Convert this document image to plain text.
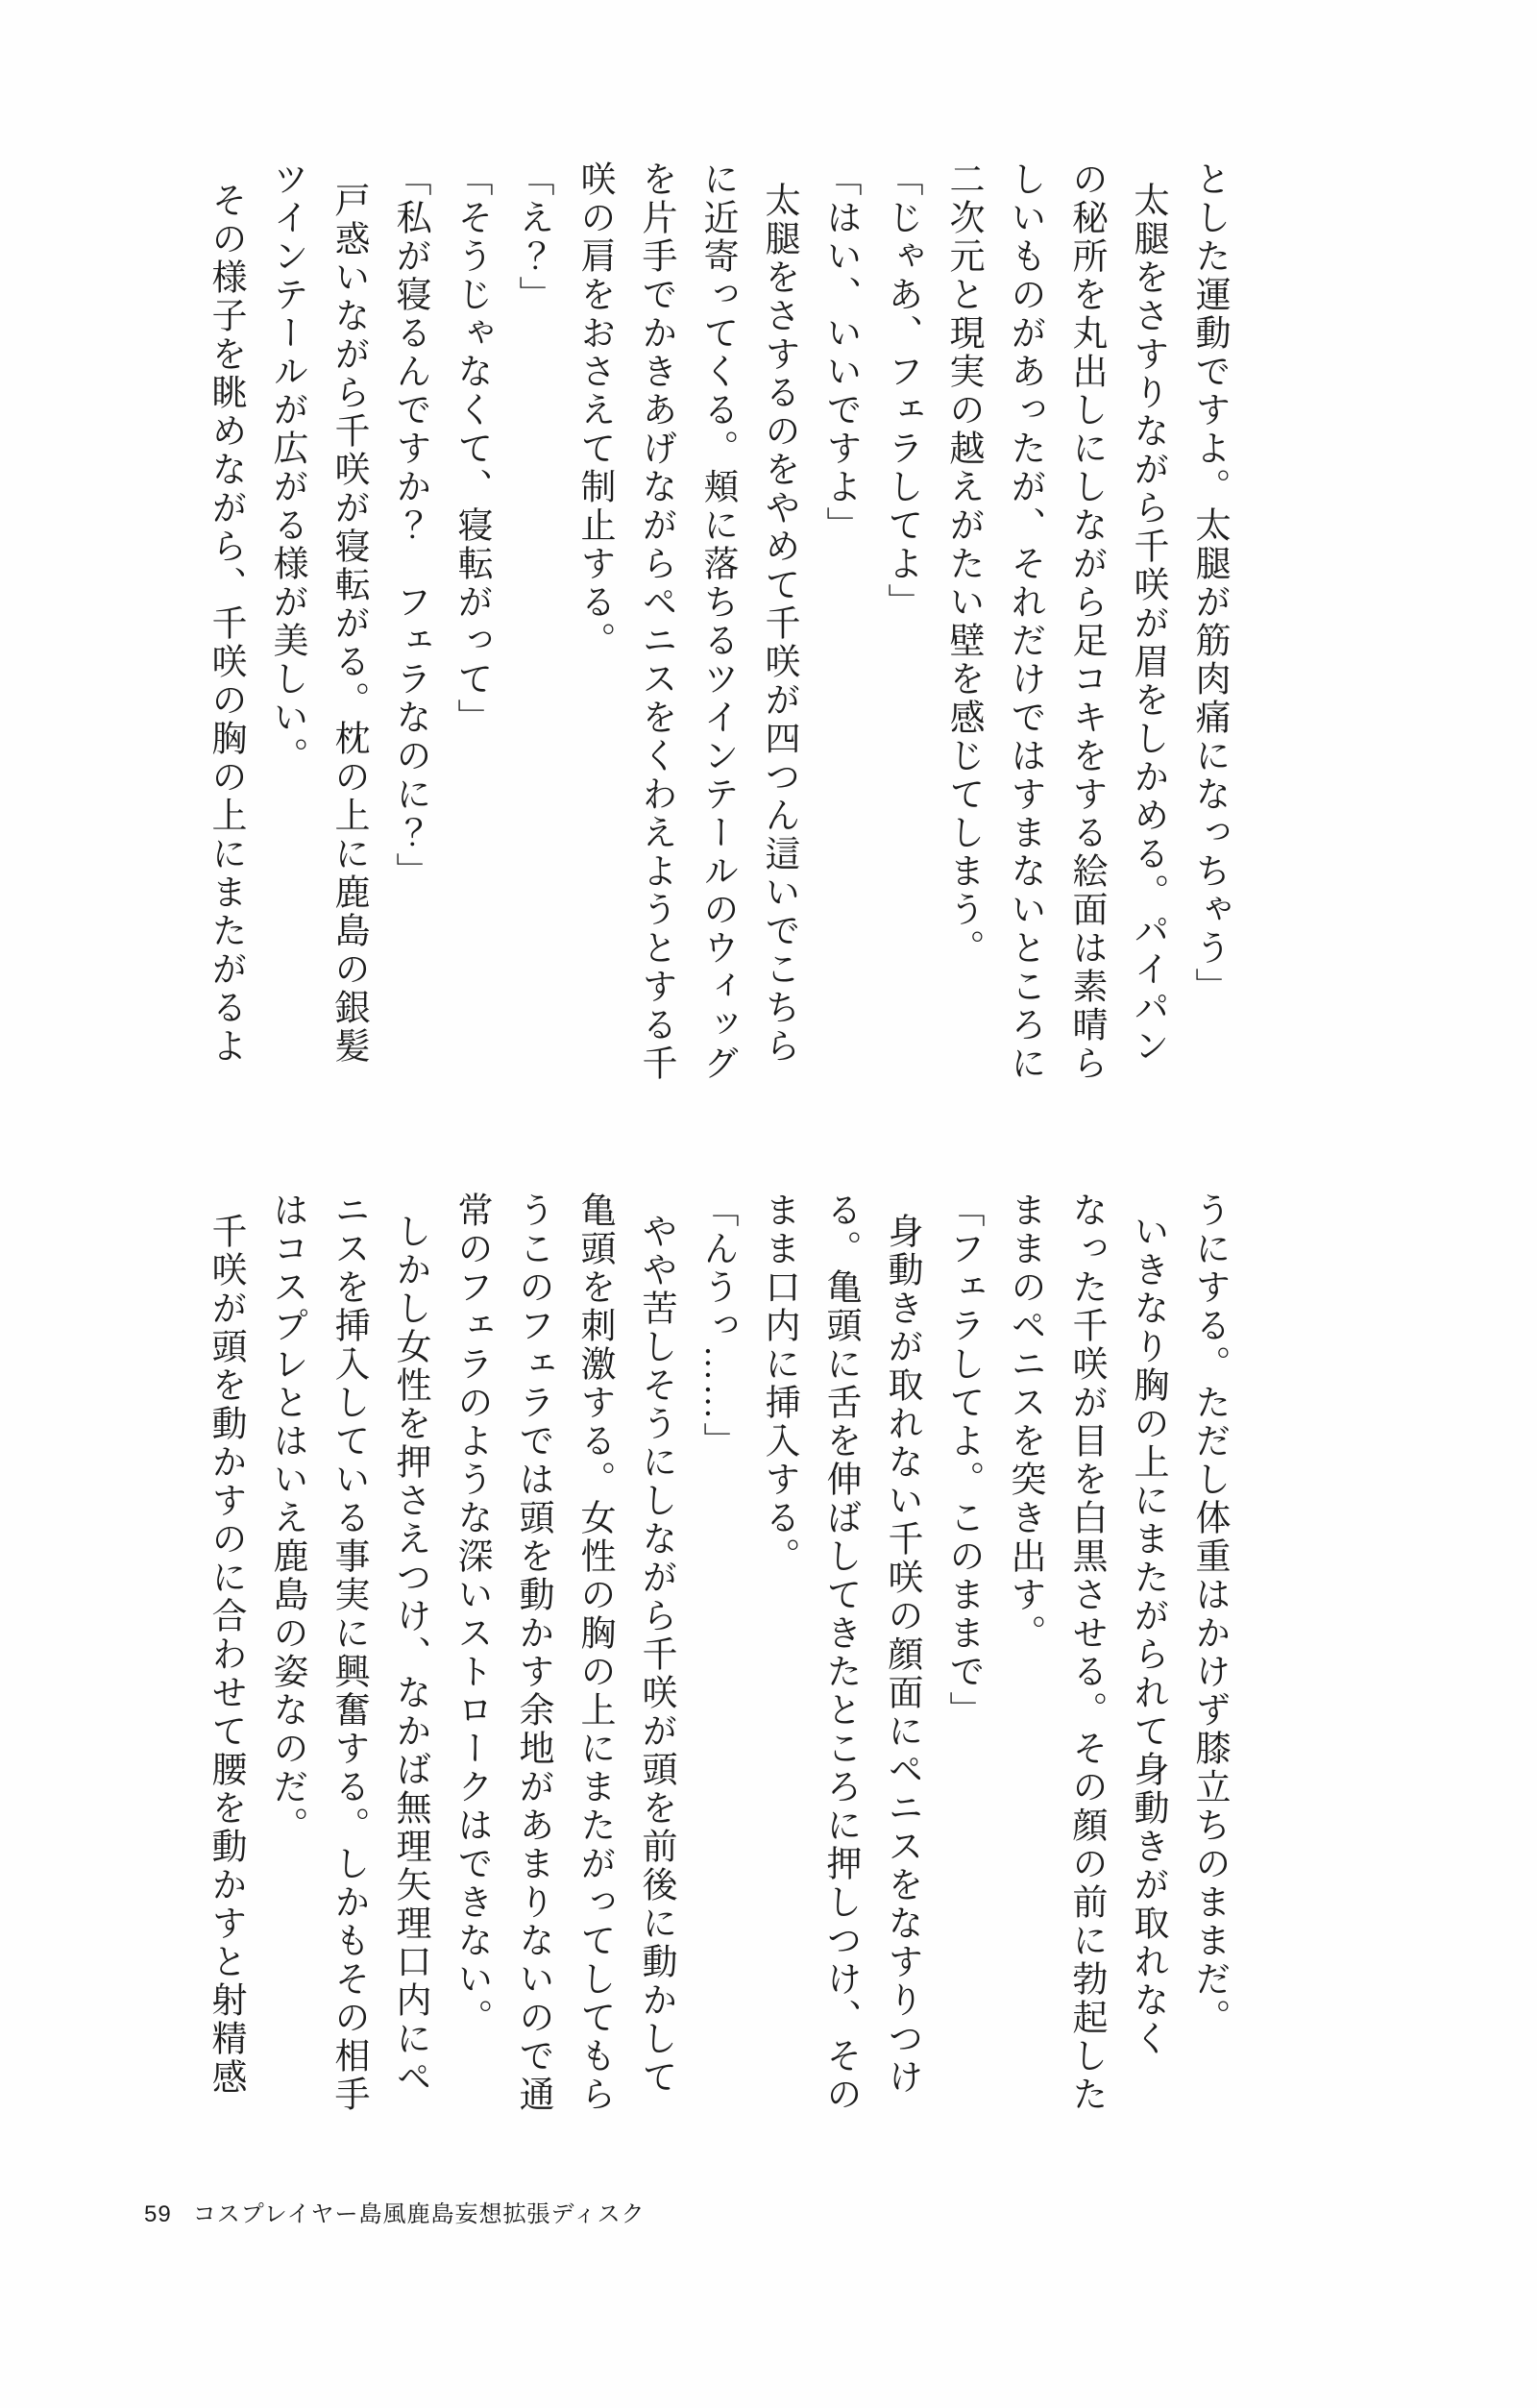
とした運動ですよ。太腿が筋肉痛になっちゃう」
太腿をさすりながら千咲が眉をしかめる。パイパン
の秘所を丸出しにしながら足コキをする絵面は素晴ら
しいものがあったが、それだけではすまないところに
二次元と現実の越えがたい壁を感じてしまう。
「じゃあ、フェラしてよ」
「はい、いいですよ」
太腿をさするのをやめて千咲が四つん這いでこちら
に近寄ってくる。頬に落ちるツインテールのウィッグ
を片手でかきあげながらペニスをくわえようとする千
咲の肩をおさえて制止する。
「え？」
「そうじゃなくて、寝転がって」
「私が寝るんですか？　フェラなのに？」
戸惑いながら千咲が寝転がる。枕の上に鹿島の銀髪
ツインテールが広がる様が美しい。
その様子を眺めながら、千咲の胸の上にまたがるよ
うにする。ただし体重はかけず膝立ちのままだ。
いきなり胸の上にまたがられて身動きが取れなく
なった千咲が目を白黒させる。その顔の前に勃起した
ままのペニスを突き出す。
「フェラしてよ。このままで」
身動きが取れない千咲の顔面にペニスをなすりつけ
る。亀頭に舌を伸ばしてきたところに押しつけ、その
まま口内に挿入する。
「んうっ……」
やや苦しそうにしながら千咲が頭を前後に動かして
亀頭を刺激する。女性の胸の上にまたがってしてもら
うこのフェラでは頭を動かす余地があまりないので通
常のフェラのような深いストロークはできない。
しかし女性を押さえつけ、なかば無理矢理口内にペ
ニスを挿入している事実に興奮する。しかもその相手
はコスプレとはいえ鹿島の姿なのだ。
千咲が頭を動かすのに合わせて腰を動かすと射精感
59 コスプレイヤー島風鹿島妄想拡張ディスク
